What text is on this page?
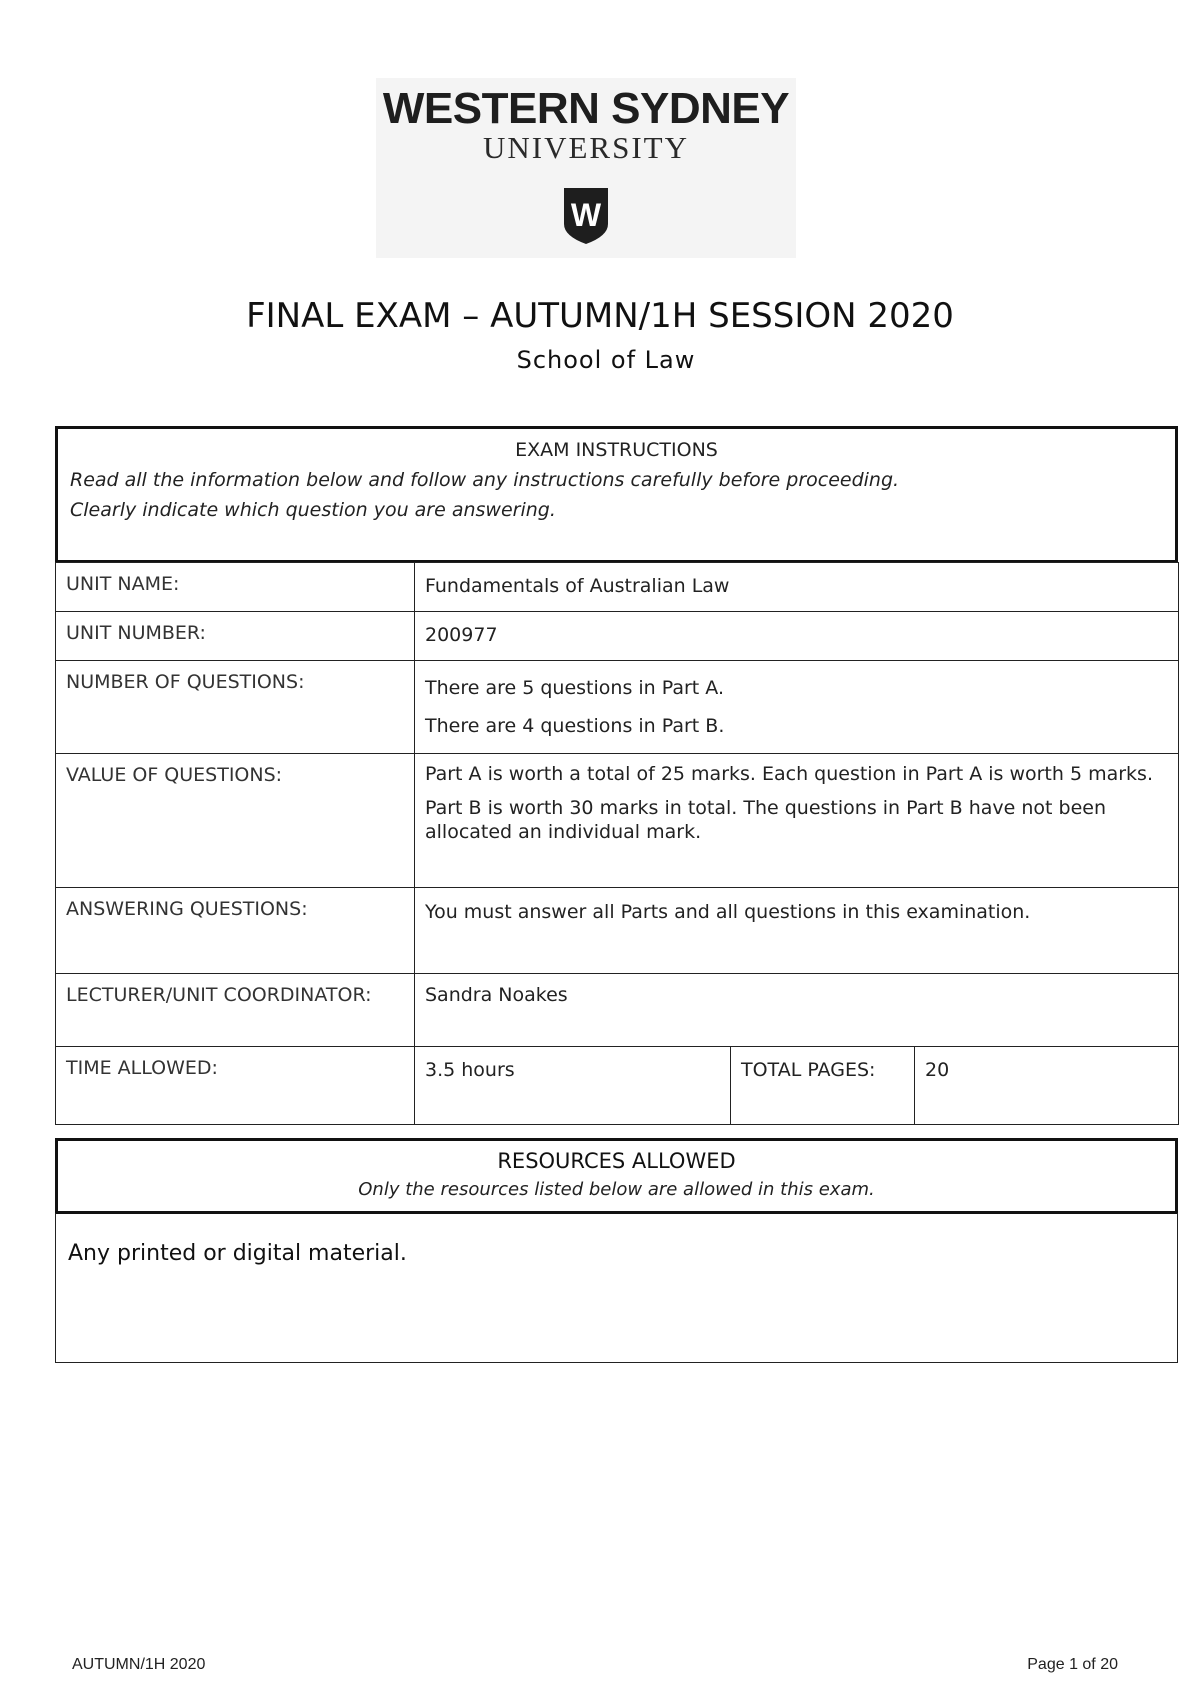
WESTERN SYDNEY
UNIVERSITY
W
FINAL EXAM – AUTUMN/1H SESSION 2020
School of Law
EXAM INSTRUCTIONS
Read all the information below and follow any instructions carefully before proceeding.
Clearly indicate which question you are answering.
UNIT NAME:	Fundamentals of Australian Law		
UNIT NUMBER:	200977		
NUMBER OF QUESTIONS:	There are 5 questions in Part A.

There are 4 questions in Part B.		

VALUE OF QUESTIONS:	Part A is worth a total of 25 marks. Each question in Part A is worth 5 marks.

Part B is worth 30 marks in total. The questions in Part B have not been allocated an individual mark.		

ANSWERING QUESTIONS:	You must answer all Parts and all questions in this examination.		
LECTURER/UNIT COORDINATOR:	Sandra Noakes		
TIME ALLOWED:	3.5 hours	TOTAL PAGES:	20
RESOURCES ALLOWED
Only the resources listed below are allowed in this exam.
Any printed or digital material.
AUTUMN/1H 2020	Page 1 of 20
